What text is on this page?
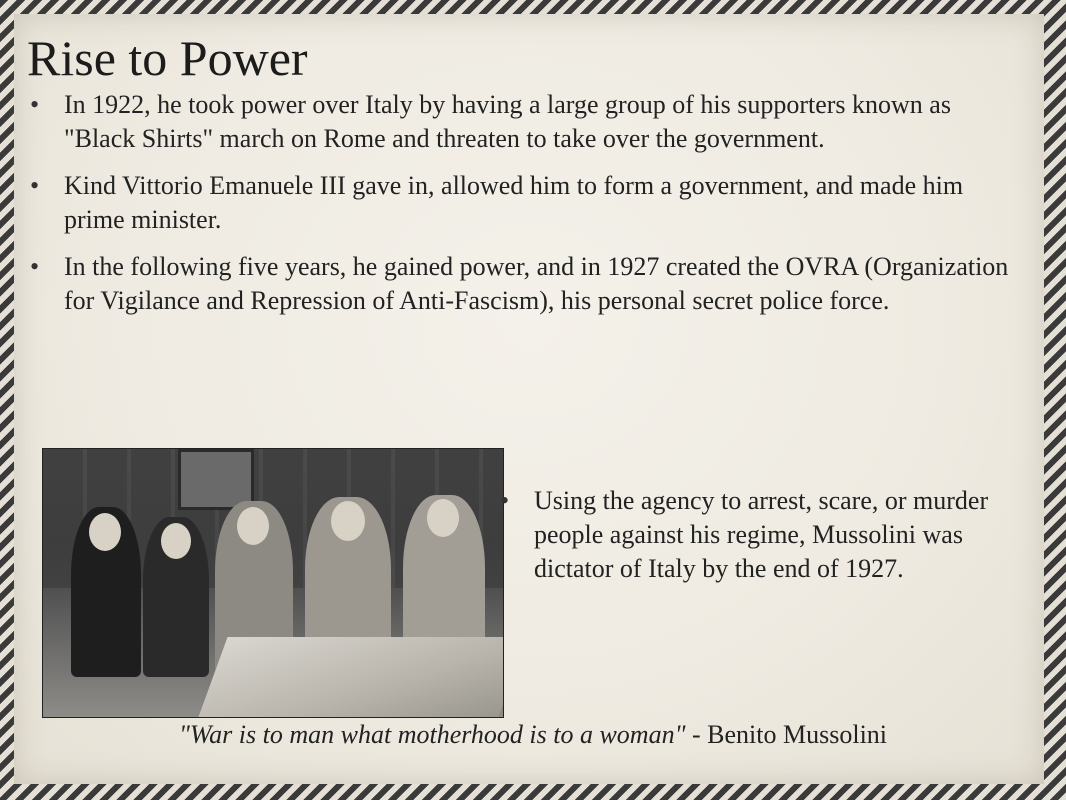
Rise to Power
• In 1922, he took power over Italy by having a large group of his supporters known as "Black Shirts" march on Rome and threaten to take over the government.
• Kind Vittorio Emanuele III gave in, allowed him to form a government, and made him prime minister.
• In the following five years, he gained power, and in 1927 created the OVRA (Organization for Vigilance and Repression of Anti-Fascism), his personal secret police force.
• Using the agency to arrest, scare, or murder people against his regime, Mussolini was dictator of Italy by the end of 1927.
"War is to man what motherhood is to a woman" - Benito Mussolini
